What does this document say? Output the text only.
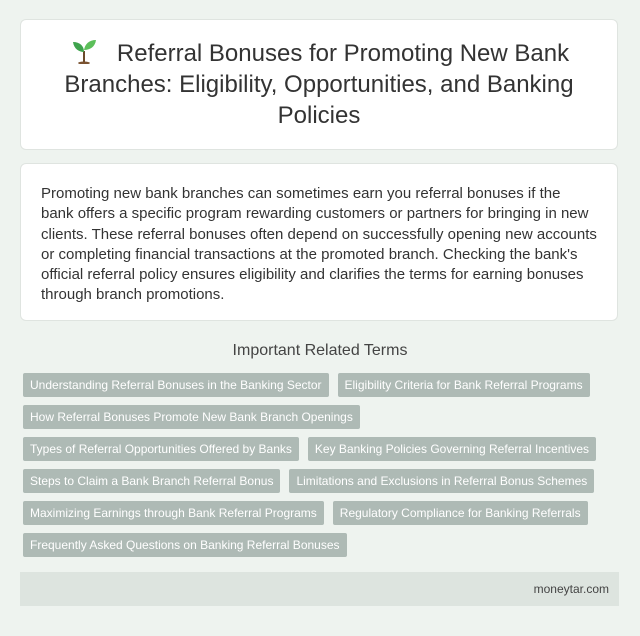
Referral Bonuses for Promoting New Bank Branches: Eligibility, Opportunities, and Banking Policies

Promoting new bank branches can sometimes earn you referral bonuses if the bank offers a specific program rewarding customers or partners for bringing in new clients. These referral bonuses often depend on successfully opening new accounts or completing financial transactions at the promoted branch. Checking the bank's official referral policy ensures eligibility and clarifies the terms for earning bonuses through branch promotions.

Important Related Terms
Understanding Referral Bonuses in the Banking Sector	Eligibility Criteria for Bank Referral Programs
How Referral Bonuses Promote New Bank Branch Openings
Types of Referral Opportunities Offered by Banks	Key Banking Policies Governing Referral Incentives
Steps to Claim a Bank Branch Referral Bonus	Limitations and Exclusions in Referral Bonus Schemes
Maximizing Earnings through Bank Referral Programs	Regulatory Compliance for Banking Referrals
Frequently Asked Questions on Banking Referral Bonuses
moneytar.com
